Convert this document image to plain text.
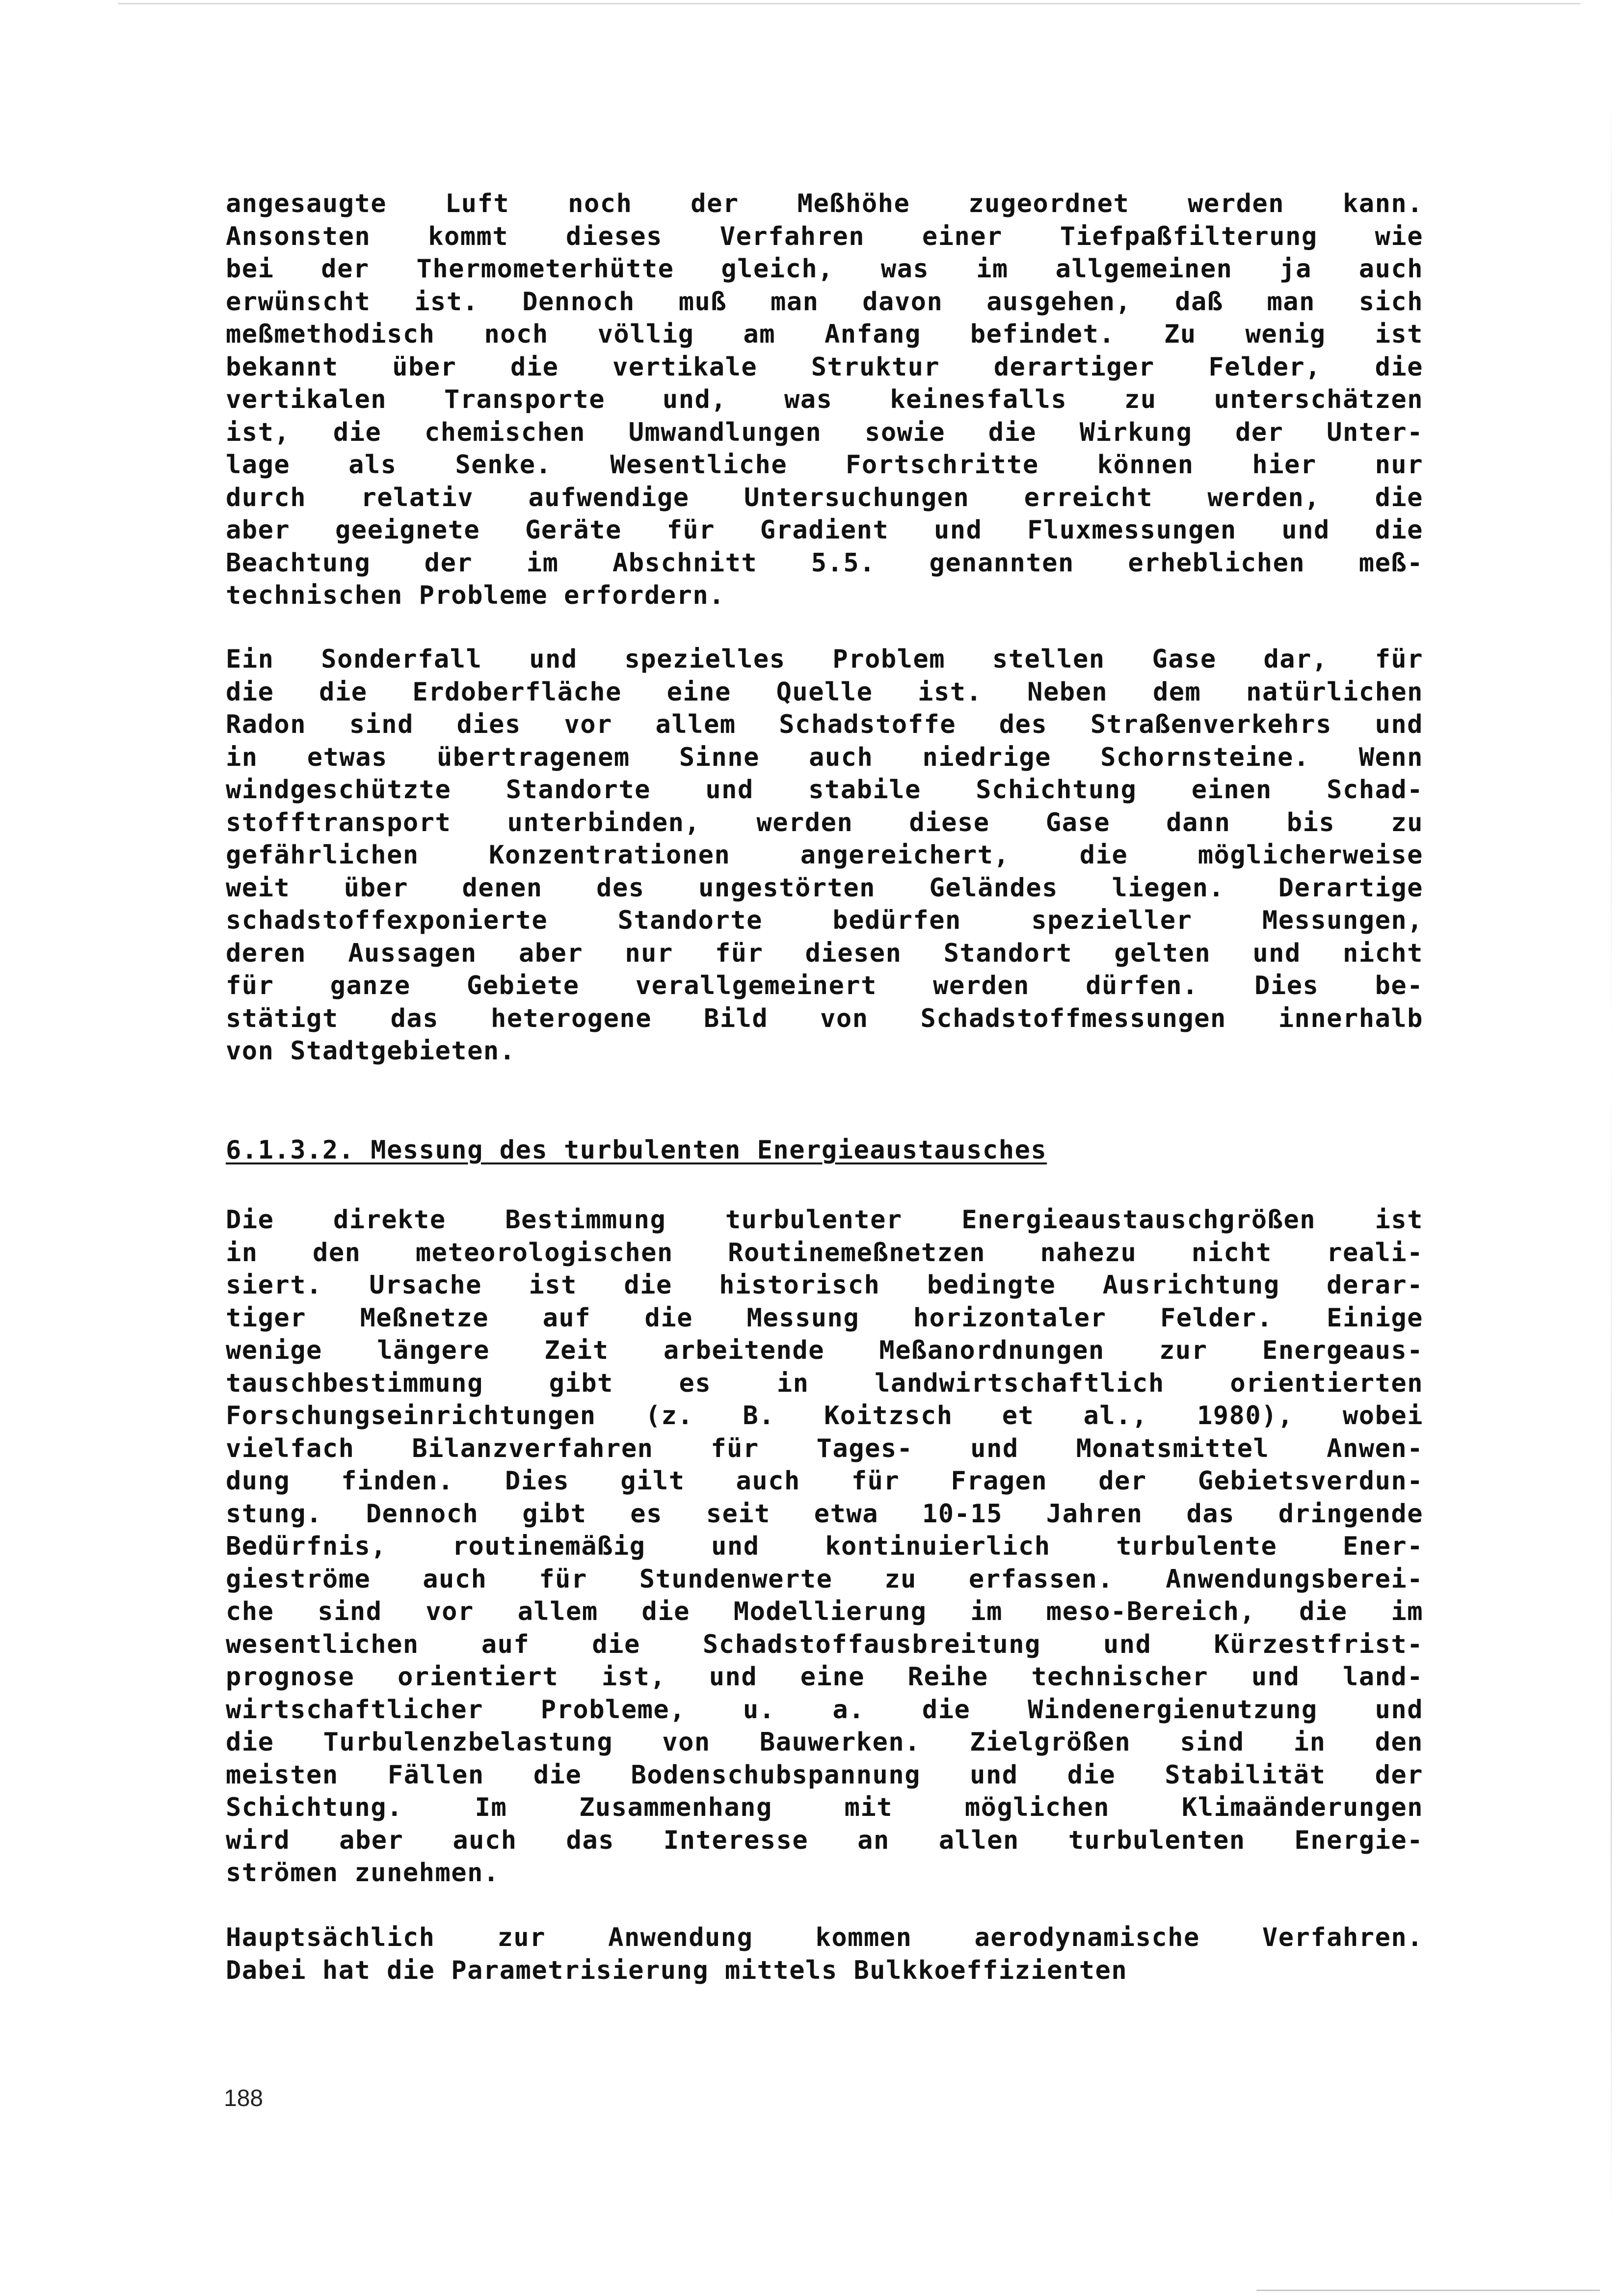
angesaugte Luft noch der Meßhöhe zugeordnet werden kann.
Ansonsten kommt dieses Verfahren einer Tiefpaßfilterung wie
bei der Thermometerhütte gleich, was im allgemeinen ja auch
erwünscht ist. Dennoch muß man davon ausgehen, daß man sich
meßmethodisch noch völlig am Anfang befindet. Zu wenig ist
bekannt über die vertikale Struktur derartiger Felder, die
vertikalen Transporte und, was keinesfalls zu unterschätzen
ist, die chemischen Umwandlungen sowie die Wirkung der Unter-
lage als Senke. Wesentliche Fortschritte können hier nur
durch relativ aufwendige Untersuchungen erreicht werden, die
aber geeignete Geräte für Gradient und Fluxmessungen und die
Beachtung der im Abschnitt 5.5. genannten erheblichen meß-
technischen Probleme erfordern.
Ein Sonderfall und spezielles Problem stellen Gase dar, für
die die Erdoberfläche eine Quelle ist. Neben dem natürlichen
Radon sind dies vor allem Schadstoffe des Straßenverkehrs und
in etwas übertragenem Sinne auch niedrige Schornsteine. Wenn
windgeschützte Standorte und stabile Schichtung einen Schad-
stofftransport unterbinden, werden diese Gase dann bis zu
gefährlichen Konzentrationen angereichert, die möglicherweise
weit über denen des ungestörten Geländes liegen. Derartige
schadstoffexponierte Standorte bedürfen spezieller Messungen,
deren Aussagen aber nur für diesen Standort gelten und nicht
für ganze Gebiete verallgemeinert werden dürfen. Dies be-
stätigt das heterogene Bild von Schadstoffmessungen innerhalb
von Stadtgebieten.
6.1.3.2. Messung des turbulenten Energieaustausches
Die direkte Bestimmung turbulenter Energieaustauschgrößen ist
in den meteorologischen Routinemeßnetzen nahezu nicht reali-
siert. Ursache ist die historisch bedingte Ausrichtung derar-
tiger Meßnetze auf die Messung horizontaler Felder. Einige
wenige längere Zeit arbeitende Meßanordnungen zur Energeaus-
tauschbestimmung gibt es in landwirtschaftlich orientierten
Forschungseinrichtungen (z. B. Koitzsch et al., 1980), wobei
vielfach Bilanzverfahren für Tages- und Monatsmittel Anwen-
dung finden. Dies gilt auch für Fragen der Gebietsverdun-
stung. Dennoch gibt es seit etwa 10-15 Jahren das dringende
Bedürfnis, routinemäßig und kontinuierlich turbulente Ener-
gieströme auch für Stundenwerte zu erfassen. Anwendungsberei-
che sind vor allem die Modellierung im meso-Bereich, die im
wesentlichen auf die Schadstoffausbreitung und Kürzestfrist-
prognose orientiert ist, und eine Reihe technischer und land-
wirtschaftlicher Probleme, u. a. die Windenergienutzung und
die Turbulenzbelastung von Bauwerken. Zielgrößen sind in den
meisten Fällen die Bodenschubspannung und die Stabilität der
Schichtung. Im Zusammenhang mit möglichen Klimaänderungen
wird aber auch das Interesse an allen turbulenten Energie-
strömen zunehmen.
Hauptsächlich zur Anwendung kommen aerodynamische Verfahren.
Dabei hat die Parametrisierung mittels Bulkkoeffizienten
188
